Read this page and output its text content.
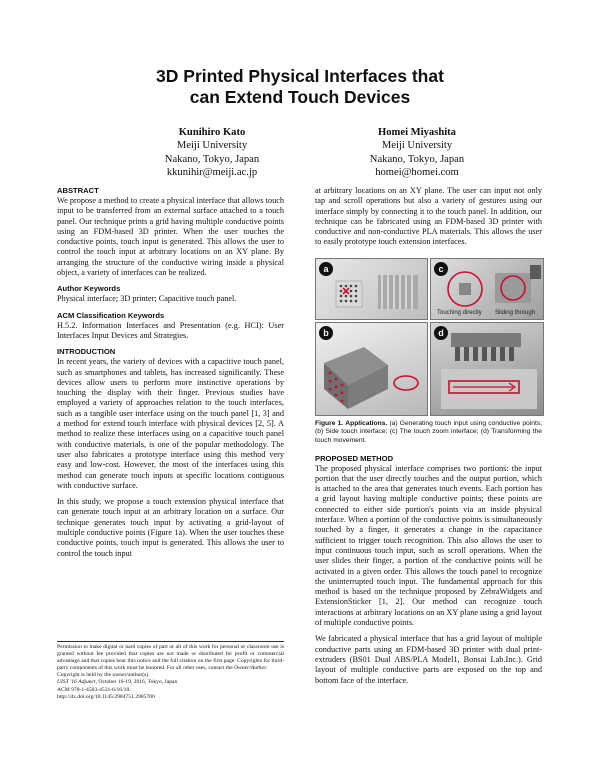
3D Printed Physical Interfaces that
can Extend Touch Devices
Kunihiro Kato
Meiji University
Nakano, Tokyo, Japan
kkunihir@meiji.ac.jp
Homei Miyashita
Meiji University
Nakano, Tokyo, Japan
homei@homei.com
ABSTRACT

We propose a method to create a physical interface that allows touch input to be transferred from an external surface attached to a touch panel. Our technique prints a grid having multiple conductive points using an FDM-based 3D printer. When the user touches the conductive points, touch input is generated. This allows the user to control the touch input at arbitrary locations on an XY plane. By arranging the structure of the conductive wiring inside a physical object, a variety of interfaces can be realized.

Author Keywords

Physical interface; 3D printer; Capacitive touch panel.

ACM Classification Keywords

H.5.2. Information Interfaces and Presentation (e.g. HCI): User Interfaces Input Devices and Strategies.

INTRODUCTION

In recent years, the variety of devices with a capacitive touch panel, such as smartphones and tablets, has increased significantly. These devices allow users to perform more instinctive operations by touching the display with their finger. Previous studies have employed a variety of approaches relation to the touch interfaces, such as a tangible user interface using on the touch panel [1, 3] and a method for extend touch interface with physical devices [2, 5]. A method to realize these interfaces using on a capacitive touch panel with conductive materials, is one of the popular methodology. The user also fabricates a prototype interface using this method very easy and low-cost. However, the most of the interfaces using this method can generate touch inputs at specific locations contiguous with conductive surface.

In this study, we propose a touch extension physical interface that can generate touch input at an arbitrary location on a surface. Our technique generates touch input by activating a grid-layout of multiple conductive points (Figure 1a). When the user touches these conductive points, touch input is generated. This allows the user to control the touch input

Permission to make digital or hard copies of part or all of this work for personal or classroom use is granted without fee provided that copies are not made or distributed for profit or commercial advantage and that copies bear this notice and the full citation on the first page. Copyrights for third-party components of this work must be honored. For all other uses, contact the Owner/Author.
Copyright is held by the owner/author(s).
UIST '16 Adjunct, October 16-19, 2016, Tokyo, Japan
ACM 978-1-4503-4531-6/16/10.
http://dx.doi.org/10.1145/2984751.2985700

at arbitrary locations on an XY plane. The user can input not only tap and scroll operations but also a variety of gestures using our interface simply by connecting it to the touch panel. In addition, our technique can be fabricated using an FDM-based 3D printer with conductive and non-conductive PLA materials. This allows the user to easily prototype touch extension interfaces.

a
b
c
Touching directly Sliding through
d
Figure 1. Applications. (a) Generating touch input using conductive points; (b) Side touch interface; (c) The touch zoom interface; (d) Transforming the touch movement.
PROPOSED METHOD

The proposed physical interface comprises two portions: the input portion that the user directly touches and the output portion, which is attached to the area that generates touch events. Each portion has a grid layout having multiple conductive points; these points are connected to either side portion's points via an inside physical interface. When a portion of the conductive points is simultaneously touched by a finger, it generates a change in the capacitance sufficient to trigger touch recognition. This also allows the user to input continuous touch input, such as scroll operations. When the user slides their finger, a portion of the conductive points will be activated in a given order. This allows the touch panel to recognize the uninterrupted touch input. The fundamental approach for this method is based on the technique proposed by ZebraWidgets and ExtensionSticker [1, 2]. Our method can recognize touch interactions at arbitrary locations on an XY plane using a grid layout of multiple conductive points.

We fabricated a physical interface that has a grid layout of multiple conductive parts using an FDM-based 3D printer with dual print-extruders (BS01 Dual ABS/PLA Model1, Bonsai Lab.Inc.). Grid layout of multiple conductive parts are exposed on the top and bottom face of the interface.
